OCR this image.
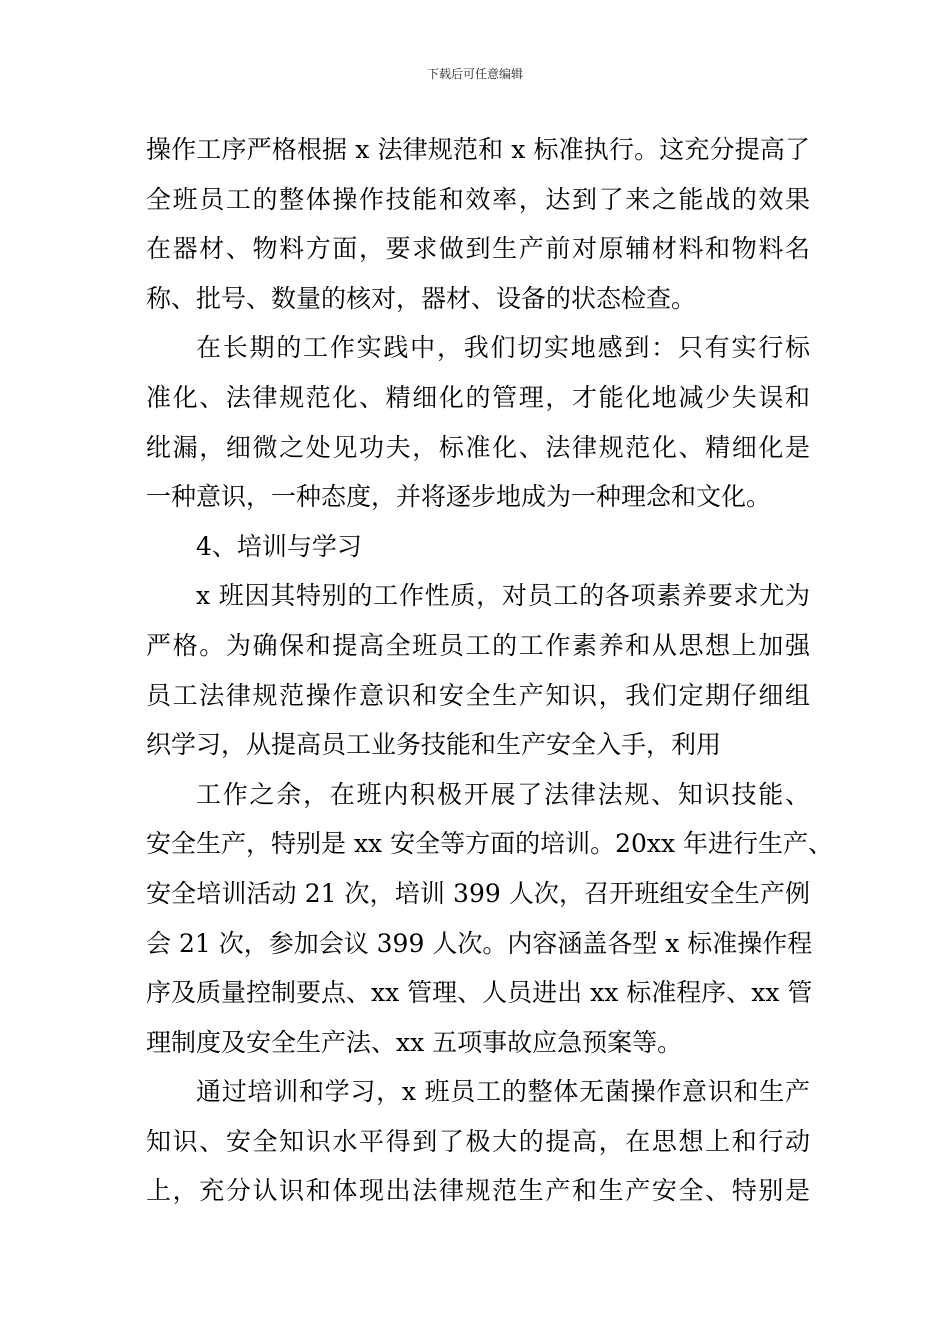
下载后可任意编辑
操作工序严格根据 x 法律规范和 x 标准执行。这充分提高了
全班员工的整体操作技能和效率，达到了来之能战的效果
在器材、物料方面，要求做到生产前对原辅材料和物料名
称、批号、数量的核对，器材、设备的状态检查。
在长期的工作实践中，我们切实地感到：只有实行标
准化、法律规范化、精细化的管理，才能化地减少失误和
纰漏，细微之处见功夫，标准化、法律规范化、精细化是
一种意识，一种态度，并将逐步地成为一种理念和文化。
4、培训与学习
x 班因其特别的工作性质，对员工的各项素养要求尤为
严格。为确保和提高全班员工的工作素养和从思想上加强
员工法律规范操作意识和安全生产知识，我们定期仔细组
织学习，从提高员工业务技能和生产安全入手，利用
工作之余，在班内积极开展了法律法规、知识技能、
安全生产，特别是 xx 安全等方面的培训。20xx 年进行生产、
安全培训活动 21 次，培训 399 人次，召开班组安全生产例
会 21 次，参加会议 399 人次。内容涵盖各型 x 标准操作程
序及质量控制要点、xx 管理、人员进出 xx 标准程序、xx 管
理制度及安全生产法、xx 五项事故应急预案等。
通过培训和学习，x 班员工的整体无菌操作意识和生产
知识、安全知识水平得到了极大的提高，在思想上和行动
上，充分认识和体现出法律规范生产和生产安全、特别是
